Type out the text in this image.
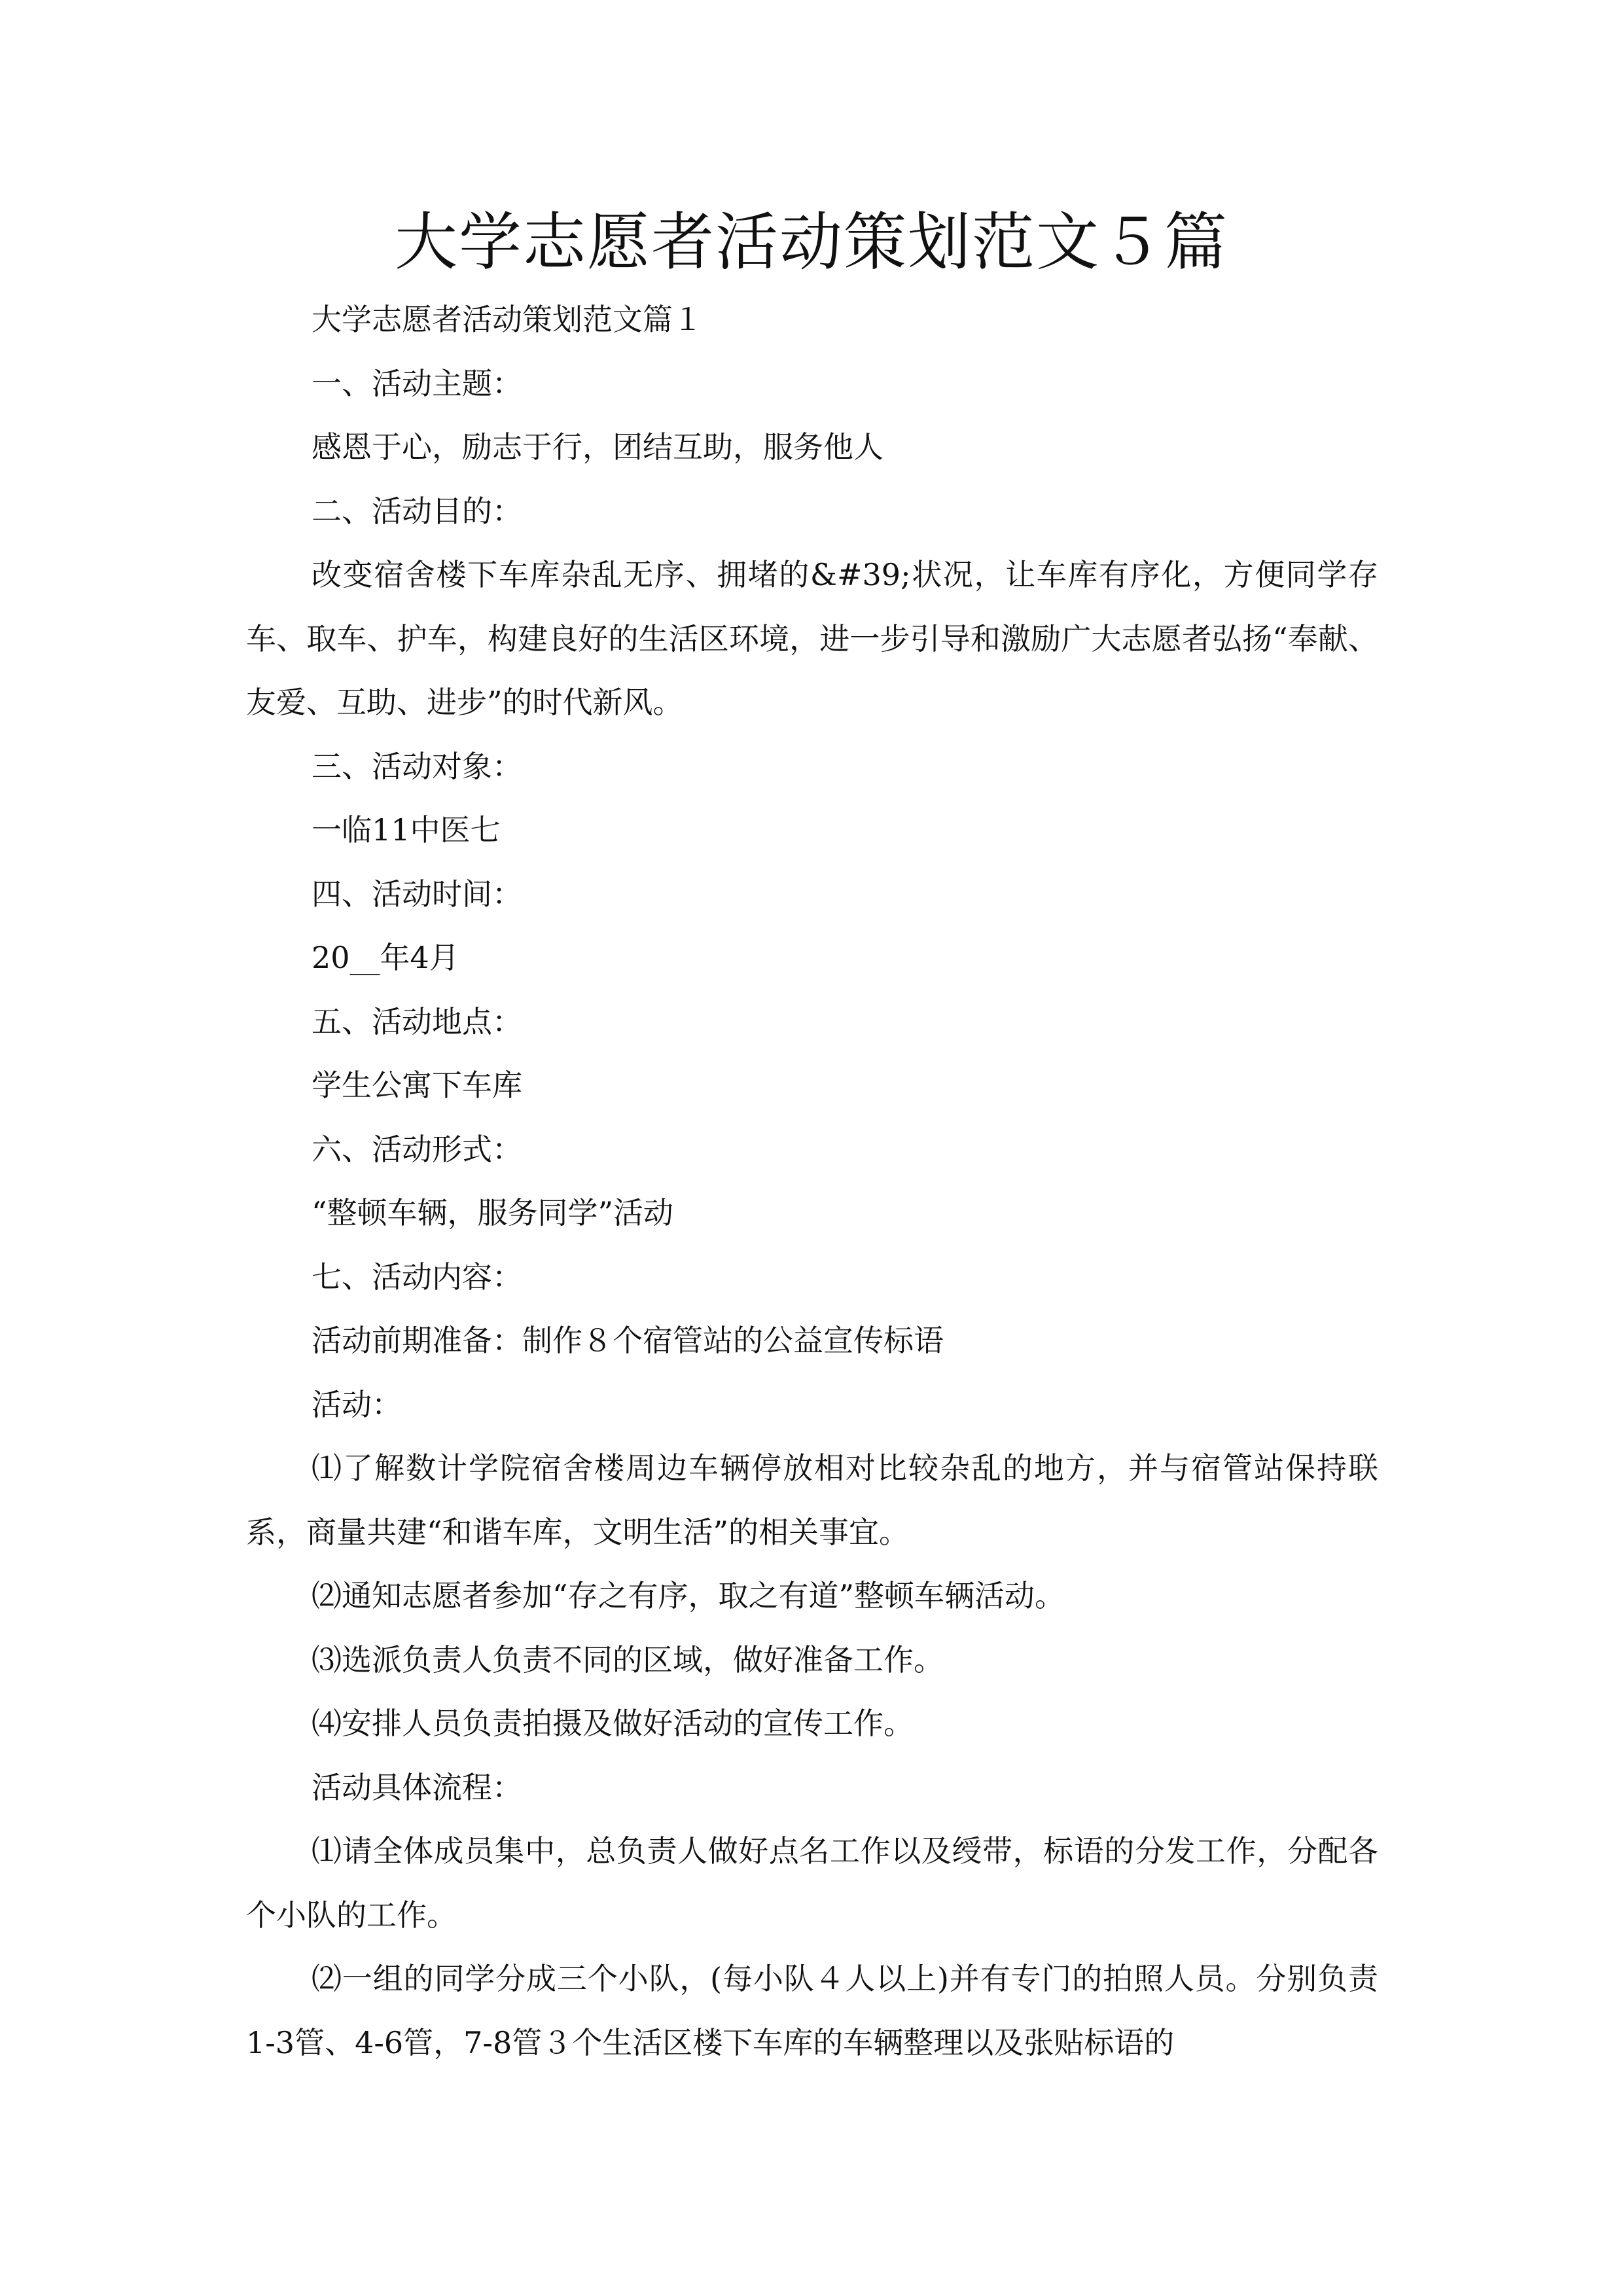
大学志愿者活动策划范文５篇

大学志愿者活动策划范文篇１

一、活动主题：

感恩于心，励志于行，团结互助，服务他人

二、活动目的：

改变宿舍楼下车库杂乱无序、拥堵的&#39;状况，让车库有序化，方便同学存车、取车、护车，构建良好的生活区环境，进一步引导和激励广大志愿者弘扬“奉献、友爱、互助、进步”的时代新风。

三、活动对象：

一临11中医七

四、活动时间：

20__年4月

五、活动地点：

学生公寓下车库

六、活动形式：

“整顿车辆，服务同学”活动

七、活动内容：

活动前期准备：制作８个宿管站的公益宣传标语

活动：

⑴了解数计学院宿舍楼周边车辆停放相对比较杂乱的地方，并与宿管站保持联系，商量共建“和谐车库，文明生活”的相关事宜。

⑵通知志愿者参加“存之有序，取之有道”整顿车辆活动。

⑶选派负责人负责不同的区域，做好准备工作。

⑷安排人员负责拍摄及做好活动的宣传工作。

活动具体流程：

⑴请全体成员集中，总负责人做好点名工作以及绶带，标语的分发工作，分配各个小队的工作。

⑵一组的同学分成三个小队，(每小队４人以上)并有专门的拍照人员。分别负责1-3管、4-6管，7-8管３个生活区楼下车库的车辆整理以及张贴标语的
